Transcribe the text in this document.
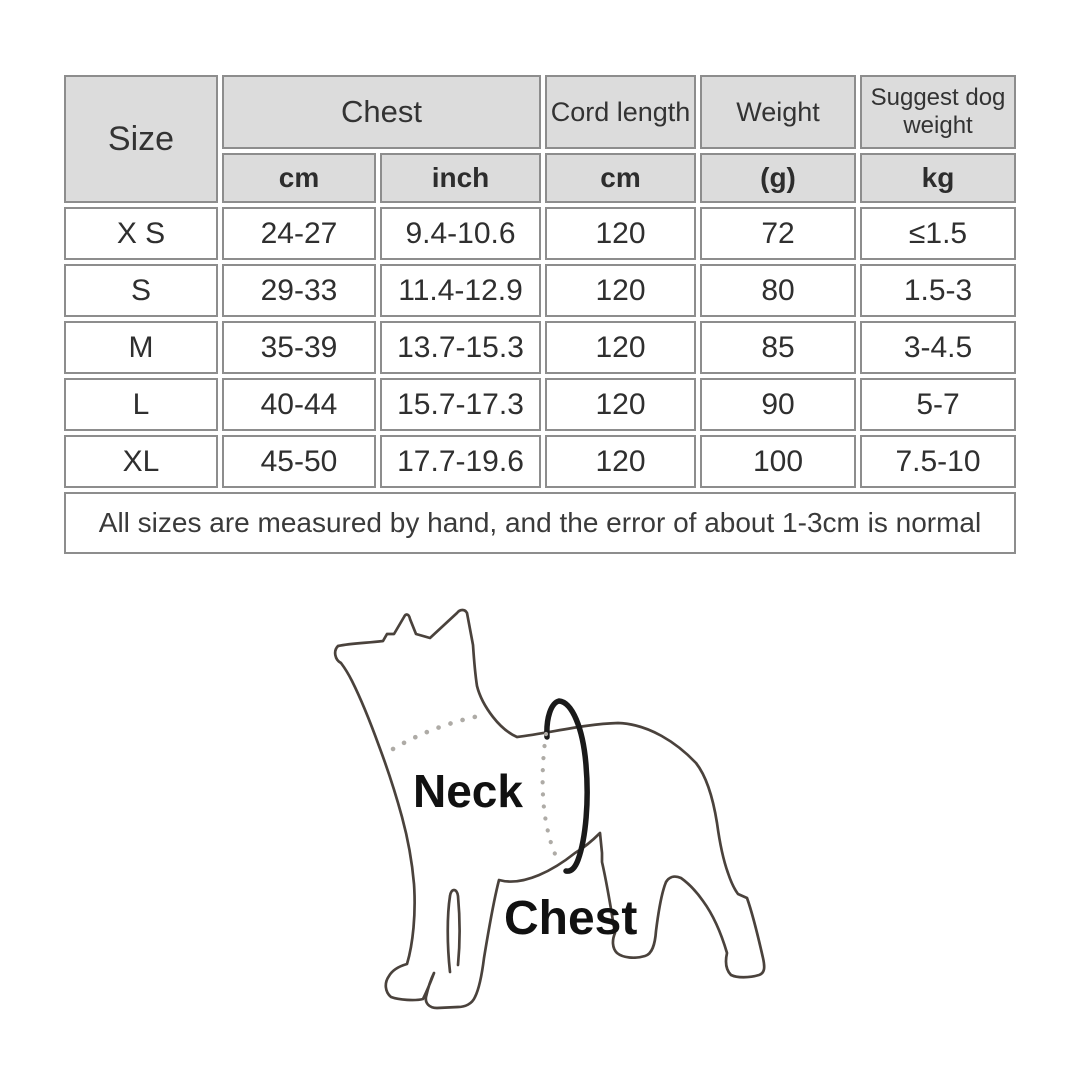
Size	Chest		Cord length	Weight	Suggest dog weight
	cm	inch	cm	(g)	kg
X S	24-27	9.4-10.6	120	72	≤1.5
S	29-33	11.4-12.9	120	80	1.5-3
M	35-39	13.7-15.3	120	85	3-4.5
L	40-44	15.7-17.3	120	90	5-7
XL	45-50	17.7-19.6	120	100	7.5-10
All sizes are measured by hand, and the error of about 1-3cm is normal					
Neck
Chest
